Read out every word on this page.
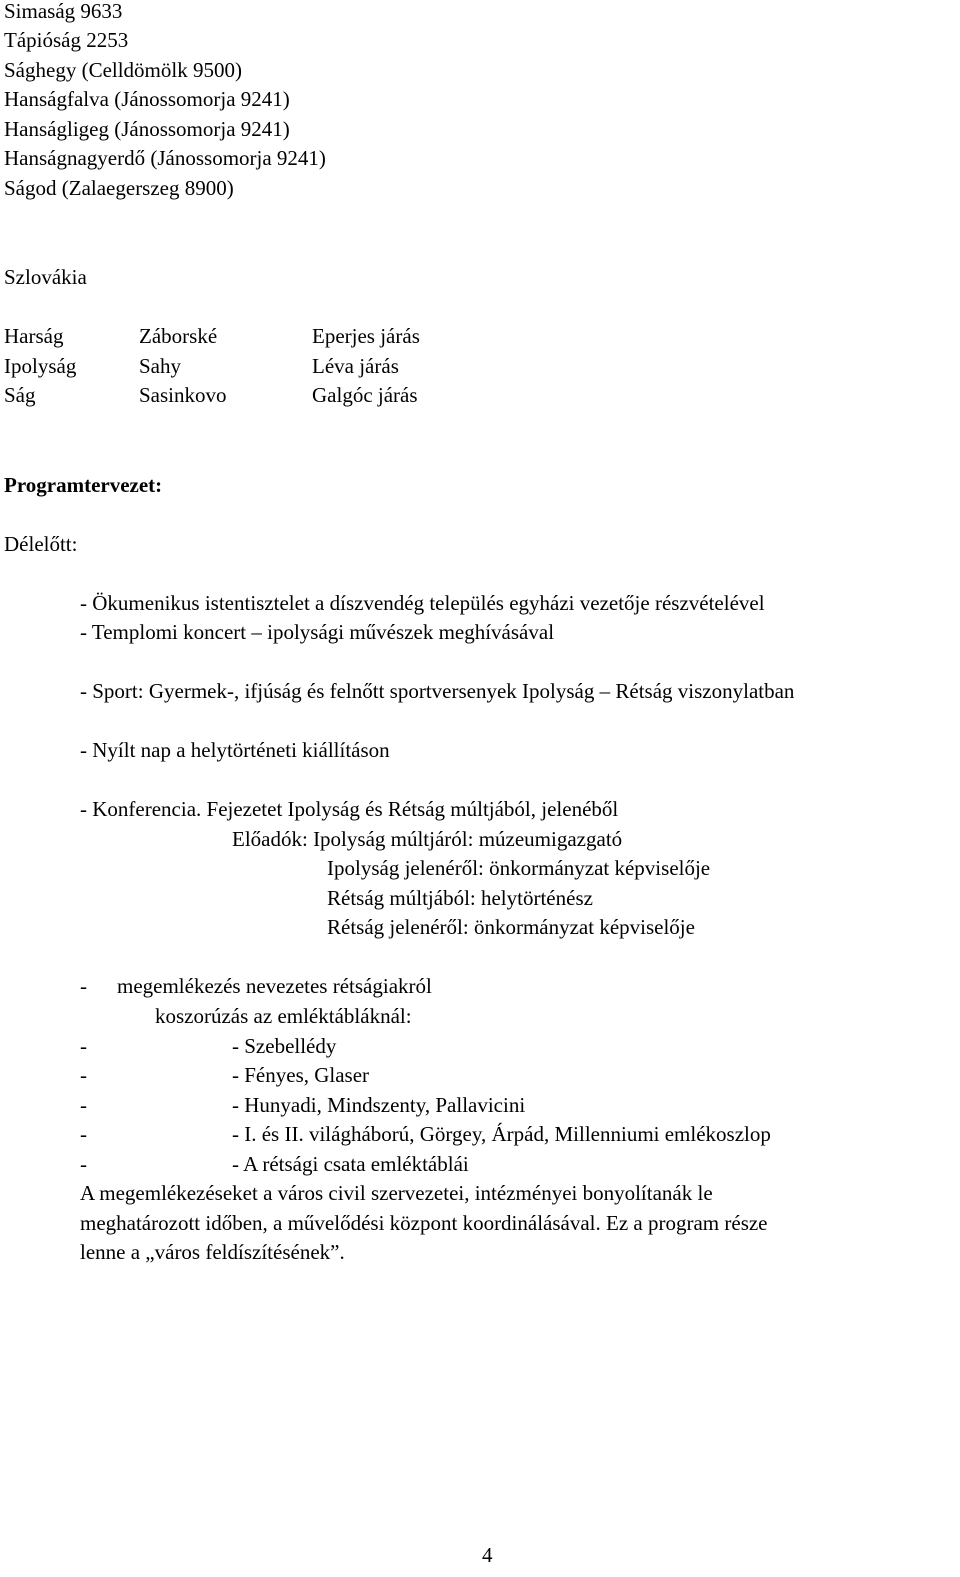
Simaság 9633

Tápióság 2253

Sághegy (Celldömölk 9500)

Hanságfalva (Jánossomorja 9241)

Hanságligeg (Jánossomorja 9241)

Hanságnagyerdő (Jánossomorja 9241)

Ságod (Zalaegerszeg 8900)

Szlovákia

Harság	Záborské	Eperjes járás
Ipolyság	Sahy	Léva járás
Ság	Sasinkovo	Galgóc járás

Programtervezet:

Délelőtt:

- Ökumenikus istentisztelet a díszvendég település egyházi vezetője részvételével

- Templomi koncert – ipolysági művészek meghívásával

- Sport: Gyermek-, ifjúság és felnőtt sportversenyek Ipolyság – Rétság viszonylatban

- Nyílt nap a helytörténeti kiállításon

- Konferencia. Fejezetet Ipolyság és Rétság múltjából, jelenéből

Előadók: Ipolyság múltjáról: múzeumigazgató

Ipolyság jelenéről: önkormányzat képviselője

Rétság múltjából: helytörténész

Rétság jelenéről: önkormányzat képviselője

- megemlékezés nevezetes rétságiakról

koszorúzás az emléktábláknál:

-	- Szebellédy
-	- Fényes, Glaser
-	- Hunyadi, Mindszenty, Pallavicini
-	- I. és II. világháború, Görgey, Árpád, Millenniumi emlékoszlop
-	- A rétsági csata emléktáblái

A megemlékezéseket a város civil szervezetei, intézményei bonyolítanák le

meghatározott időben, a művelődési központ koordinálásával. Ez a program része

lenne a „város feldíszítésének”.

4
